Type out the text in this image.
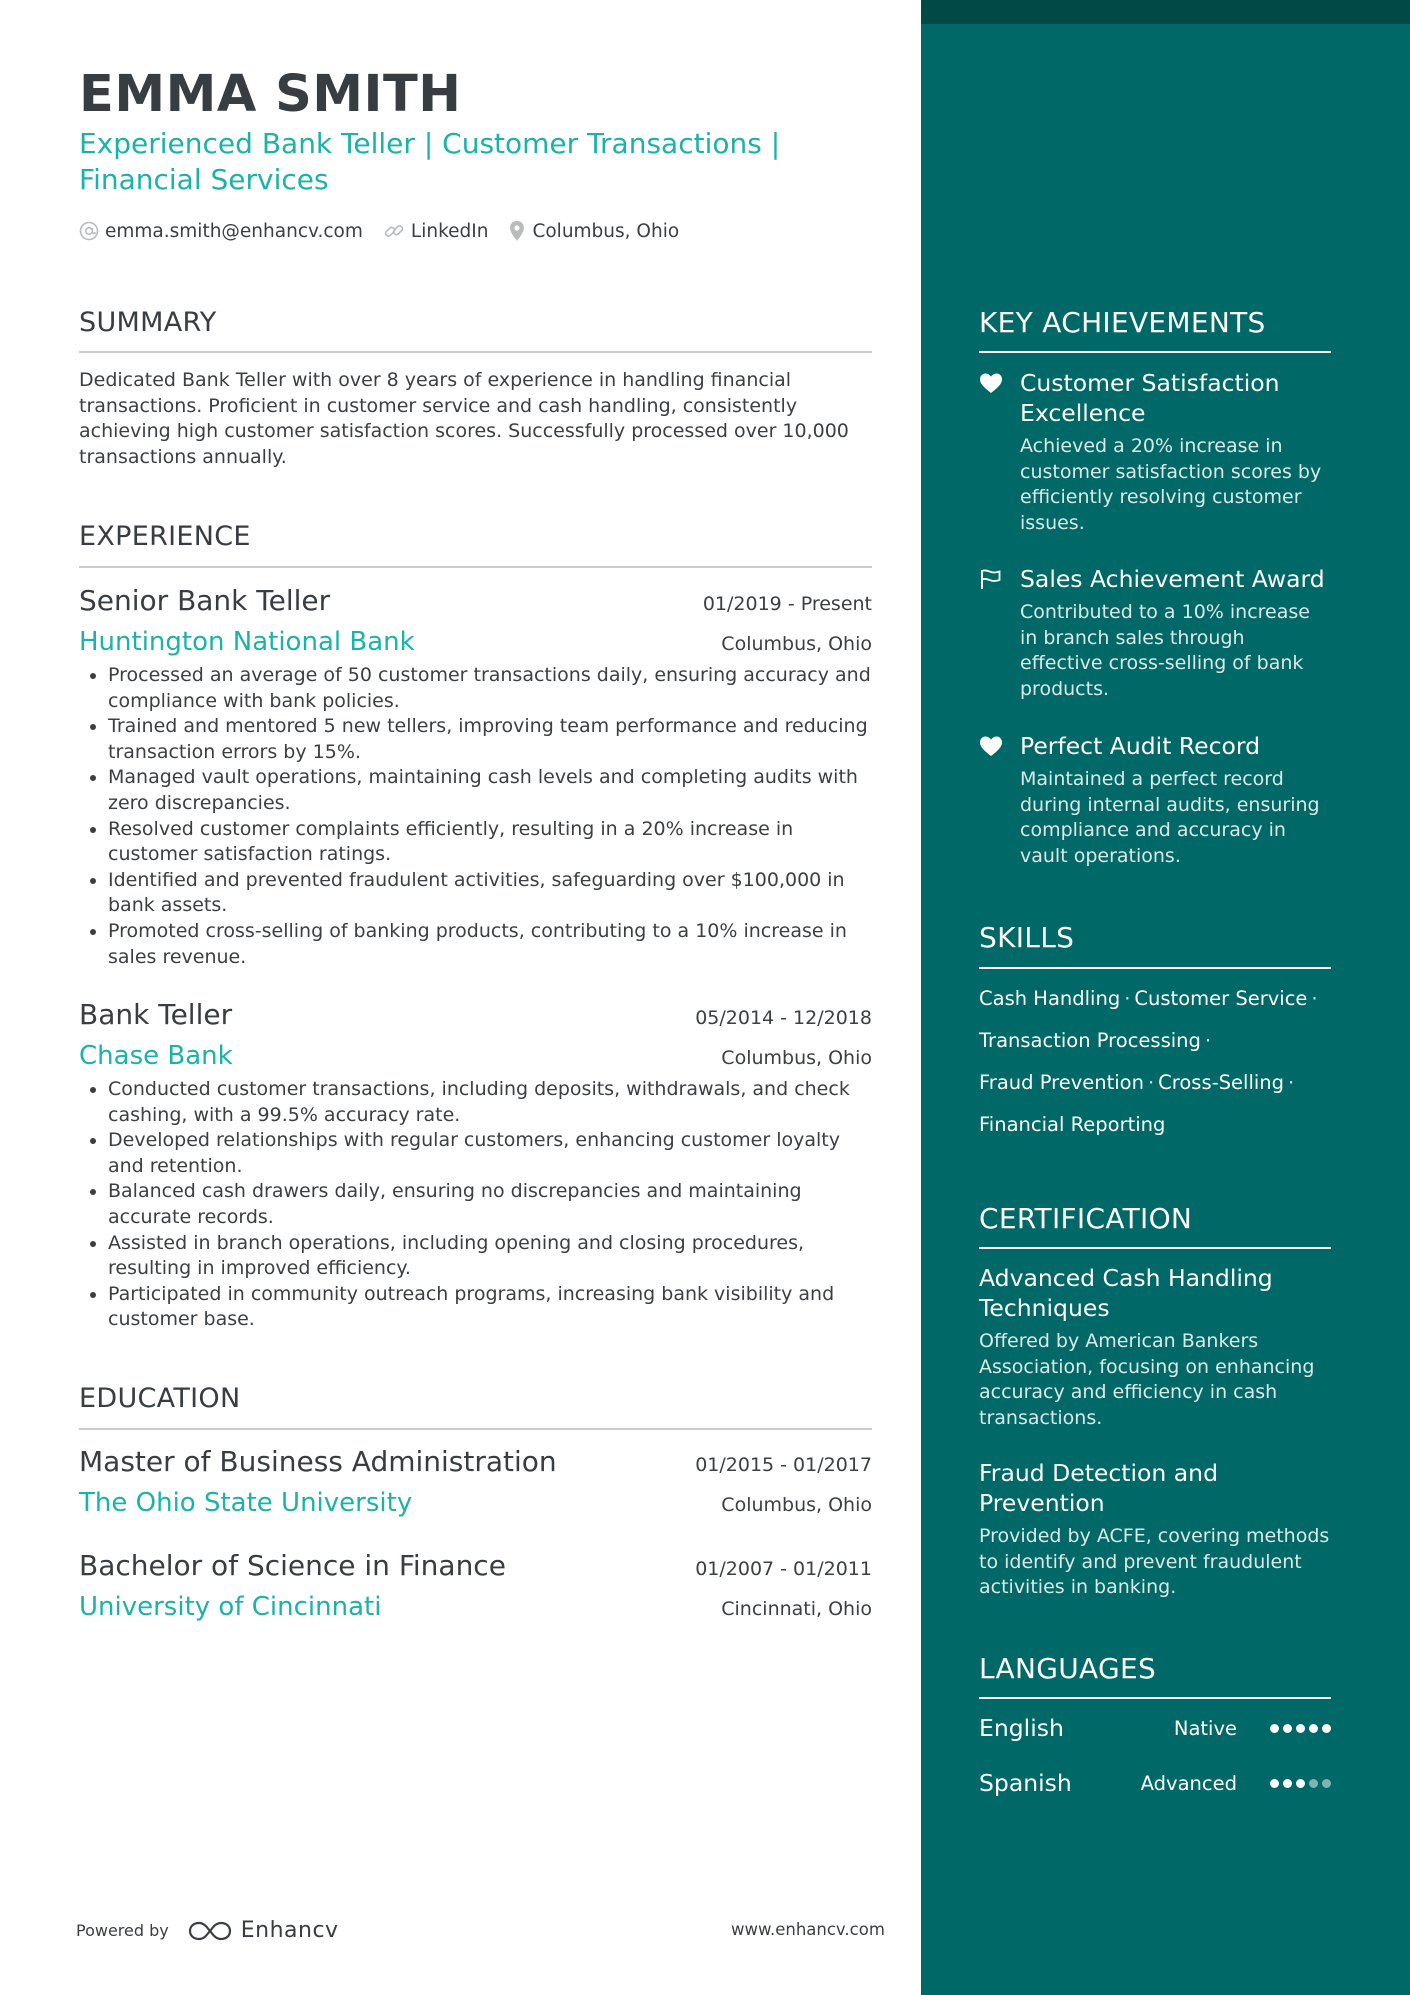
EMMA SMITH
Experienced Bank Teller | Customer Transactions |
Financial Services
emma.smith@enhancv.com	LinkedIn Columbus, Ohio
SUMMARY
Dedicated Bank Teller with over 8 years of experience in handling financial transactions. Proficient in customer service and cash handling, consistently achieving high customer satisfaction scores. Successfully processed over 10,000 transactions annually.
EXPERIENCE
Senior Bank Teller	01/2019 - Present
Huntington National Bank	Columbus, Ohio
• Processed an average of 50 customer transactions daily, ensuring accuracy and compliance with bank policies.
• Trained and mentored 5 new tellers, improving team performance and reducing transaction errors by 15%.
• Managed vault operations, maintaining cash levels and completing audits with zero discrepancies.
• Resolved customer complaints efficiently, resulting in a 20% increase in customer satisfaction ratings.
• Identified and prevented fraudulent activities, safeguarding over $100,000 in bank assets.
• Promoted cross-selling of banking products, contributing to a 10% increase in sales revenue.
Bank Teller	05/2014 - 12/2018
Chase Bank	Columbus, Ohio
• Conducted customer transactions, including deposits, withdrawals, and check cashing, with a 99.5% accuracy rate.
• Developed relationships with regular customers, enhancing customer loyalty and retention.
• Balanced cash drawers daily, ensuring no discrepancies and maintaining accurate records.
• Assisted in branch operations, including opening and closing procedures, resulting in improved efficiency.
• Participated in community outreach programs, increasing bank visibility and customer base.
EDUCATION
Master of Business Administration	01/2015 - 01/2017
The Ohio State University	Columbus, Ohio
Bachelor of Science in Finance	01/2007 - 01/2011
University of Cincinnati	Cincinnati, Ohio
KEY ACHIEVEMENTS
Customer Satisfaction Excellence
Achieved a 20% increase in customer satisfaction scores by efficiently resolving customer issues.
Sales Achievement Award
Contributed to a 10% increase in branch sales through effective cross-selling of bank products.
Perfect Audit Record
Maintained a perfect record during internal audits, ensuring compliance and accuracy in vault operations.
SKILLS
Cash Handling · Customer Service ·
Transaction Processing ·
Fraud Prevention · Cross-Selling ·
Financial Reporting
CERTIFICATION
Advanced Cash Handling Techniques
Offered by American Bankers Association, focusing on enhancing accuracy and efficiency in cash transactions.
Fraud Detection and Prevention
Provided by ACFE, covering methods to identify and prevent fraudulent activities in banking.
LANGUAGES
English	Native
Spanish	Advanced
Powered by	Enhancv	www.enhancv.com
